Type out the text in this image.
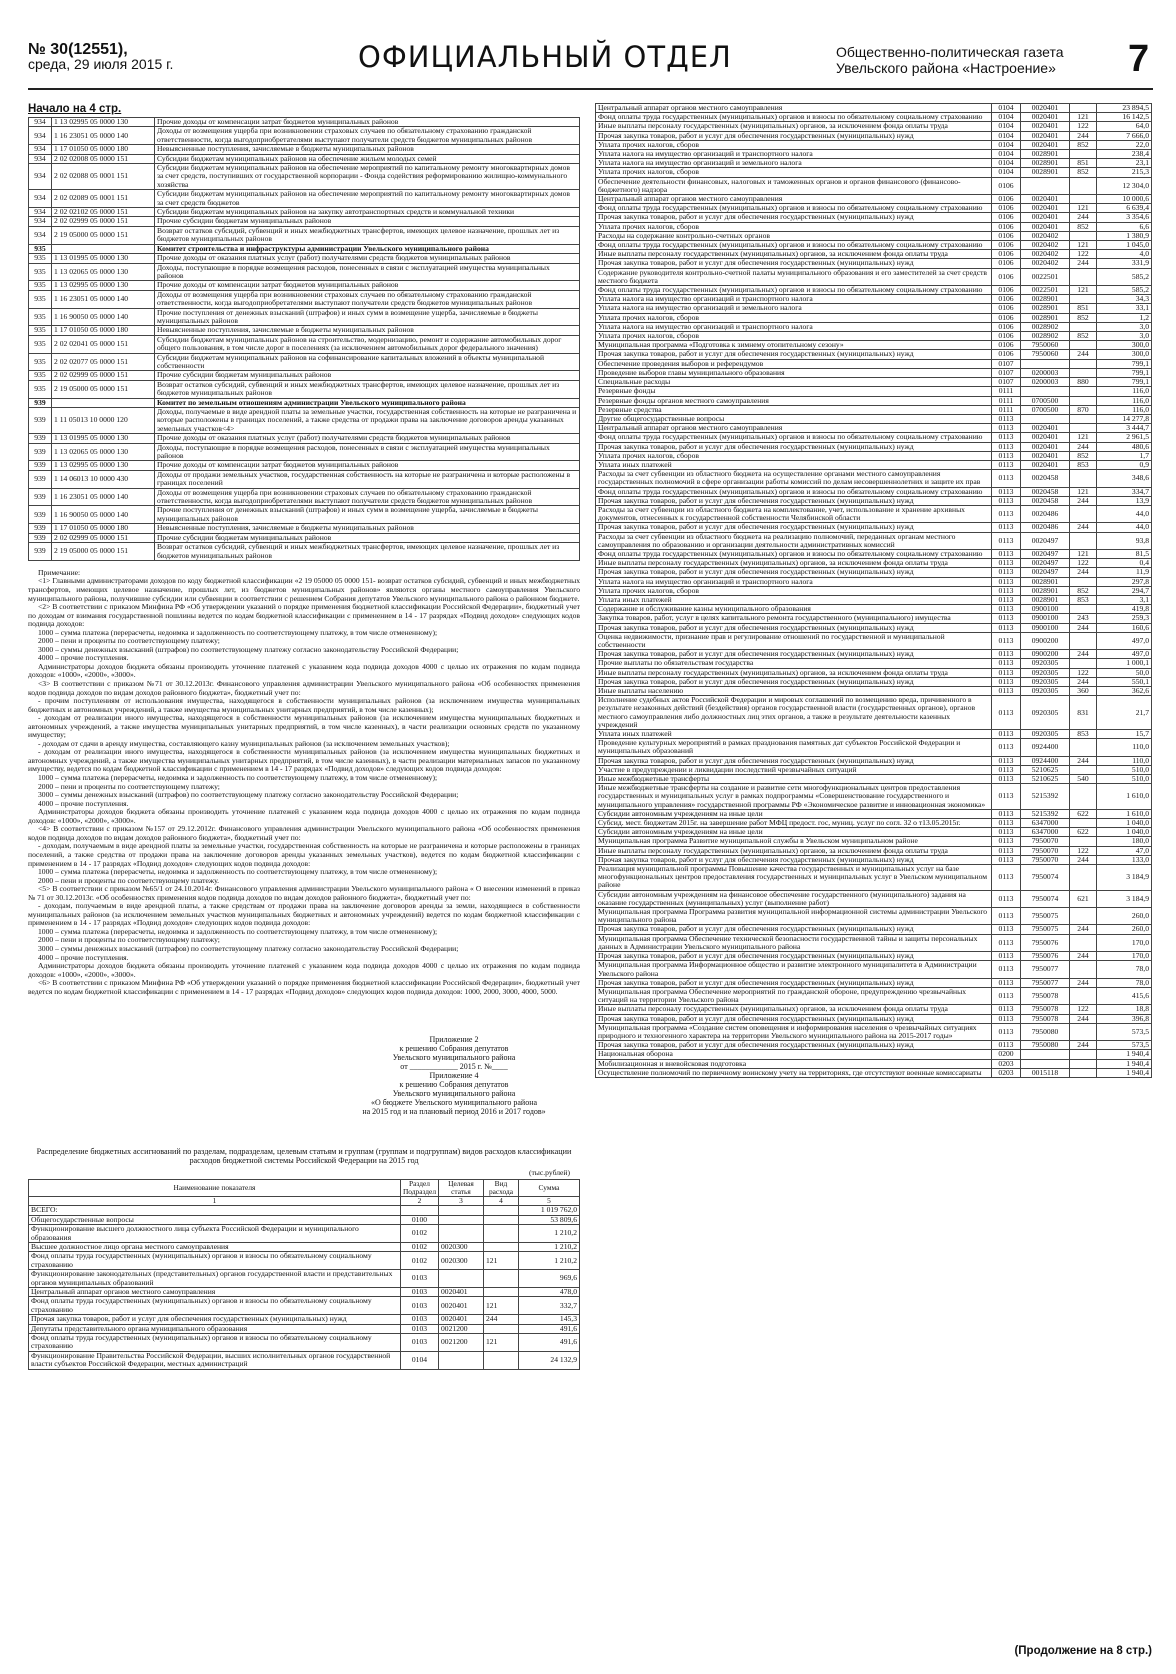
№ 30(12551),
среда, 29 июля 2015 г.	ОФИЦИАЛЬНЫЙ ОТДЕЛ	Общественно-политическая газета
Увельского района «Настроение» 7
Начало на 4 стр.
934	1 13 02995 05 0000 130	Прочие доходы от компенсации затрат бюджетов муниципальных районов
934	1 16 23051 05 0000 140	Доходы от возмещения ущерба при возникновении страховых случаев по обязательному страхованию гражданской ответственности, когда выгодоприобретателями выступают получатели средств бюджетов муниципальных районов
934	1 17 01050 05 0000 180	Невыясненные поступления, зачисляемые в бюджеты муниципальных районов
934	2 02 02008 05 0000 151	Субсидии бюджетам муниципальных районов на обеспечение жильем молодых семей
934	2 02 02088 05 0001 151	Субсидии бюджетам муниципальных районов на обеспечение мероприятий по капитальному ремонту многоквартирных домов за счет средств, поступивших от государственной корпорации - Фонда содействия реформированию жилищно-коммунального хозяйства
934	2 02 02089 05 0001 151	Субсидии бюджетам муниципальных районов на обеспечение мероприятий по капитальному ремонту многоквартирных домов за счет средств бюджетов
934	2 02 02102 05 0000 151	Субсидии бюджетам муниципальных районов на закупку автотранспортных средств и коммунальной техники
934	2 02 02999 05 0000 151	Прочие субсидии бюджетам муниципальных районов
934	2 19 05000 05 0000 151	Возврат остатков субсидий, субвенций и иных межбюджетных трансфертов, имеющих целевое назначение, прошлых лет из бюджетов муниципальных районов
935		Комитет строительства и инфраструктуры администрации Увельского муниципального района
935	1 13 01995 05 0000 130	Прочие доходы от оказания платных услуг (работ) получателями средств бюджетов муниципальных районов
935	1 13 02065 05 0000 130	Доходы, поступающие в порядке возмещения расходов, понесенных в связи с эксплуатацией имущества муниципальных районов
935	1 13 02995 05 0000 130	Прочие доходы от компенсации затрат бюджетов муниципальных районов
935	1 16 23051 05 0000 140	Доходы от возмещения ущерба при возникновении страховых случаев по обязательному страхованию гражданской ответственности, когда выгодоприобретателями выступают получатели средств бюджетов муниципальных районов
935	1 16 90050 05 0000 140	Прочие поступления от денежных взысканий (штрафов) и иных сумм в возмещение ущерба, зачисляемые в бюджеты муниципальных районов
935	1 17 01050 05 0000 180	Невыясненные поступления, зачисляемые в бюджеты муниципальных районов
935	2 02 02041 05 0000 151	Субсидии бюджетам муниципальных районов на строительство, модернизацию, ремонт и содержание автомобильных дорог общего пользования, в том числе дорог в поселениях (за исключением автомобильных дорог федерального значения)
935	2 02 02077 05 0000 151	Субсидии бюджетам муниципальных районов на софинансирование капитальных вложений в объекты муниципальной собственности
935	2 02 02999 05 0000 151	Прочие субсидии бюджетам муниципальных районов
935	2 19 05000 05 0000 151	Возврат остатков субсидий, субвенций и иных межбюджетных трансфертов, имеющих целевое назначение, прошлых лет из бюджетов муниципальных районов
939		Комитет по земельным отношениям администрации Увельского муниципального района
939	1 11 05013 10 0000 120	Доходы, получаемые в виде арендной платы за земельные участки, государственная собственность на которые не разграничена и которые расположены в границах поселений, а также средства от продажи права на заключение договоров аренды указанных земельных участков<4>
939	1 13 01995 05 0000 130	Прочие доходы от оказания платных услуг (работ) получателями средств бюджетов муниципальных районов
939	1 13 02065 05 0000 130	Доходы, поступающие в порядке возмещения расходов, понесенных в связи с эксплуатацией имущества муниципальных районов
939	1 13 02995 05 0000 130	Прочие доходы от компенсации затрат бюджетов муниципальных районов
939	1 14 06013 10 0000 430	Доходы от продажи земельных участков, государственная собственность на которые не разграничена и которые расположены в границах поселений
939	1 16 23051 05 0000 140	Доходы от возмещения ущерба при возникновении страховых случаев по обязательному страхованию гражданской ответственности, когда выгодоприобретателями выступают получатели средств бюджетов муниципальных районов
939	1 16 90050 05 0000 140	Прочие поступления от денежных взысканий (штрафов) и иных сумм в возмещение ущерба, зачисляемые в бюджеты муниципальных районов
939	1 17 01050 05 0000 180	Невыясненные поступления, зачисляемые в бюджеты муниципальных районов
939	2 02 02999 05 0000 151	Прочие субсидии бюджетам муниципальных районов
939	2 19 05000 05 0000 151	Возврат остатков субсидий, субвенций и иных межбюджетных трансфертов, имеющих целевое назначение, прошлых лет из бюджетов муниципальных районов

Примечание:

<1> Главными администраторами доходов по коду бюджетной классификации «2 19 05000 05 0000 151- возврат остатков субсидий, субвенций и иных межбюджетных трансфертов, имеющих целевое назначение, прошлых лет, из бюджетов муниципальных районов» являются органы местного самоуправления Увельского муниципального района, получившие субсидии или субвенции в соответствии с решением Собрания депутатов Увельского муниципального района о районном бюджете.

<2> В соответствии с приказом Минфина РФ «Об утверждении указаний о порядке применения бюджетной классификации Российской Федерации», бюджетный учет по доходам от взимания государственной пошлины ведется по кодам бюджетной классификации с применением в 14 - 17 разрядах «Подвид доходов» следующих кодов подвида доходов:

1000 – сумма платежа (перерасчеты, недоимка и задолженность по соответствующему платежу, в том числе отмененному);

2000 – пени и проценты по соответствующему платежу;

3000 – суммы денежных взысканий (штрафов) по соответствующему платежу согласно законодательству Российской Федерации;

4000 – прочие поступления.

Администраторы доходов бюджета обязаны производить уточнение платежей с указанием кода подвида доходов 4000 с целью их отражения по кодам подвида доходов: «1000», «2000», «3000».

<3> В соответствии с приказом №71 от 30.12.2013г. Финансового управления администрации Увельского муниципального района «Об особенностях применения кодов подвида доходов по видам доходов районного бюджета», бюджетный учет по:

- прочим поступлениям от использования имущества, находящегося в собственности муниципальных районов (за исключением имущества муниципальных бюджетных и автономных учреждений, а также имущества муниципальных унитарных предприятий, в том числе казенных);

- доходам от реализации иного имущества, находящегося в собственности муниципальных районов (за исключением имущества муниципальных бюджетных и автономных учреждений, а также имущества муниципальных унитарных предприятий, в том числе казенных), в части реализации основных средств по указанному имуществу;

- доходам от сдачи в аренду имущества, составляющего казну муниципальных районов (за исключением земельных участков);

- доходам от реализации иного имущества, находящегося в собственности муниципальных районов (за исключением имущества муниципальных бюджетных и автономных учреждений, а также имущества муниципальных унитарных предприятий, в том числе казенных), в части реализации материальных запасов по указанному имуществу, ведется по кодам бюджетной классификации с применением в 14 - 17 разрядах «Подвид доходов» следующих кодов подвида доходов:

1000 – сумма платежа (перерасчеты, недоимка и задолженность по соответствующему платежу, в том числе отмененному);

2000 – пени и проценты по соответствующему платежу;

3000 – суммы денежных взысканий (штрафов) по соответствующему платежу согласно законодательству Российской Федерации;

4000 – прочие поступления.

Администраторы доходов бюджета обязаны производить уточнение платежей с указанием кода подвида доходов 4000 с целью их отражения по кодам подвида доходов: «1000», «2000», «3000».

<4> В соответствии с приказом №157 от 29.12.2012г. Финансового управления администрации Увельского муниципального района «Об особенностях применения кодов подвида доходов по видам доходов районного бюджета», бюджетный учет по:

- доходам, получаемым в виде арендной платы за земельные участки, государственная собственность на которые не разграничена и которые расположены в границах поселений, а также средства от продажи права на заключение договоров аренды указанных земельных участков), ведется по кодам бюджетной классификации с применением в 14 - 17 разрядах «Подвид доходов» следующих кодов подвида доходов:

1000 – сумма платежа (перерасчеты, недоимка и задолженность по соответствующему платежу, в том числе отмененному);

2000 – пени и проценты по соответствующему платежу.

<5> В соответствии с приказом №65/1 от 24.10.2014г. Финансового управления администрации Увельского муниципального района « О внесении изменений в приказ № 71 от 30.12.2013г. «Об особенностях применения кодов подвида доходов по видам доходов районного бюджета», бюджетный учет по:

- доходам, получаемым в виде арендной платы, а также средствам от продажи права на заключение договоров аренды за земли, находящиеся в собственности муниципальных районов (за исключением земельных участков муниципальных бюджетных и автономных учреждений) ведется по кодам бюджетной классификации с применением в 14 - 17 разрядах «Подвид доходов» следующих кодов подвида доходов:

1000 – сумма платежа (перерасчеты, недоимка и задолженность по соответствующему платежу, в том числе отмененному);

2000 – пени и проценты по соответствующему платежу;

3000 – суммы денежных взысканий (штрафов) по соответствующему платежу согласно законодательству Российской Федерации;

4000 – прочие поступления.

Администраторы доходов бюджета обязаны производить уточнение платежей с указанием кода подвида доходов 4000 с целью их отражения по кодам подвида доходов: «1000», «2000», «3000».

<6> В соответствии с приказом Минфина РФ «Об утверждении указаний о порядке применения бюджетной классификации Российской Федерации», бюджетный учет ведется по кодам бюджетной классификации с применением в 14 - 17 разрядах «Подвид доходов» следующих кодов подвида доходов: 1000, 2000, 3000, 4000, 5000.

Приложение 2
к решению Собрания депутатов
Увельского муниципального района
от ____________ 2015 г. №____
Приложение 4
к решению Собрания депутатов
Увельского муниципального района
«О бюджете Увельского муниципального района
на 2015 год и на плановый период 2016 и 2017 годов»
Распределение бюджетных ассигнований по разделам, подразделам, целевым статьям и группам (группам и подгруппам) видов расходов классификации расходов бюджетной системы Российской Федерации на 2015 год
(тыс.рублей)
Наименование показателя	Раздел Подраздел	Целевая статья	Вид расхода	Сумма
1	2	3	4	5
ВСЕГО:				1 019 762,0
Общегосударственные вопросы	0100			53 809,6
Функционирование высшего должностного лица субъекта Российской Федерации и муниципального образования	0102			1 210,2
Высшее должностное лицо органа местного самоуправления	0102	0020300		1 210,2
Фонд оплаты труда государственных (муниципальных) органов и взносы по обязательному социальному страхованию	0102	0020300	121	1 210,2
Функционирование законодательных (представительных) органов государственной власти и представительных органов муниципальных образований	0103			969,6
Центральный аппарат органов местного самоуправления	0103	0020401		478,0
Фонд оплаты труда государственных (муниципальных) органов и взносы по обязательному социальному страхованию	0103	0020401	121	332,7
Прочая закупка товаров, работ и услуг для обеспечения государственных (муниципальных) нужд	0103	0020401	244	145,3
Депутаты представительного органа муниципального образования	0103	0021200		491,6
Фонд оплаты труда государственных (муниципальных) органов и взносы по обязательному социальному страхованию	0103	0021200	121	491,6
Функционирование Правительства Российской Федерации, высших исполнительных органов государственной власти субъектов Российской Федерации, местных администраций	0104			24 132,9
Центральный аппарат органов местного самоуправления	0104	0020401		23 894,5
Фонд оплаты труда государственных (муниципальных) органов и взносы по обязательному социальному страхованию	0104	0020401	121	16 142,5
Иные выплаты персоналу государственных (муниципальных) органов, за исключением фонда оплаты труда	0104	0020401	122	64,0
Прочая закупка товаров, работ и услуг для обеспечения государственных (муниципальных) нужд	0104	0020401	244	7 666,0
Уплата прочих налогов, сборов	0104	0020401	852	22,0
Уплата налога на имущество организаций и транспортного налога	0104	0028901		238,4
Уплата налога на имущество организаций и земельного налога	0104	0028901	851	23,1
Уплата прочих налогов, сборов	0104	0028901	852	215,3
Обеспечение деятельности финансовых, налоговых и таможенных органов и органов финансового (финансово-бюджетного) надзора	0106			12 304,0
Центральный аппарат органов местного самоуправления	0106	0020401		10 000,6
Фонд оплаты труда государственных (муниципальных) органов и взносы по обязательному социальному страхованию	0106	0020401	121	6 639,4
Прочая закупка товаров, работ и услуг для обеспечения государственных (муниципальных) нужд	0106	0020401	244	3 354,6
Уплата прочих налогов, сборов	0106	0020401	852	6,6
Расходы на содержание контрольно-счетных органов	0106	0020402		1 380,9
Фонд оплаты труда государственных (муниципальных) органов и взносы по обязательному социальному страхованию	0106	0020402	121	1 045,0
Иные выплаты персоналу государственных (муниципальных) органов, за исключением фонда оплаты труда	0106	0020402	122	4,0
Прочая закупка товаров, работ и услуг для обеспечения государственных (муниципальных) нужд	0106	0020402	244	331,9
Содержание руководителя контрольно-счетной палаты муниципального образования и его заместителей за счет средств местного бюджета	0106	0022501		585,2
Фонд оплаты труда государственных (муниципальных) органов и взносы по обязательному социальному страхованию	0106	0022501	121	585,2
Уплата налога на имущество организаций и транспортного налога	0106	0028901		34,3
Уплата налога на имущество организаций и земельного налога	0106	0028901	851	33,1
Уплата прочих налогов, сборов	0106	0028901	852	1,2
Уплата налога на имущество организаций и транспортного налога	0106	0028902		3,0
Уплата прочих налогов, сборов	0106	0028902	852	3,0
Муниципальная программа «Подготовка к зимнему отопительному сезону»	0106	7950060		300,0
Прочая закупка товаров, работ и услуг для обеспечения государственных (муниципальных) нужд	0106	7950060	244	300,0
Обеспечение проведения выборов и референдумов	0107			799,1
Проведение выборов главы муниципального образования	0107	0200003		799,1
Специальные расходы	0107	0200003	880	799,1
Резервные фонды	0111			116,0
Резервные фонды органов местного самоуправления	0111	0700500		116,0
Резервные средства	0111	0700500	870	116,0
Другие общегосударственные вопросы	0113			14 277,8
Центральный аппарат органов местного самоуправления	0113	0020401		3 444,7
Фонд оплаты труда государственных (муниципальных) органов и взносы по обязательному социальному страхованию	0113	0020401	121	2 961,5
Прочая закупка товаров, работ и услуг для обеспечения государственных (муниципальных) нужд	0113	0020401	244	480,6
Уплата прочих налогов, сборов	0113	0020401	852	1,7
Уплата иных платежей	0113	0020401	853	0,9
Расходы за счет субвенции из областного бюджета на осуществление органами местного самоуправления государственных полномочий в сфере организации работы комиссий по делам несовершеннолетних и защите их прав	0113	0020458		348,6
Фонд оплаты труда государственных (муниципальных) органов и взносы по обязательному социальному страхованию	0113	0020458	121	334,7
Прочая закупка товаров, работ и услуг для обеспечения государственных (муниципальных) нужд	0113	0020458	244	13,9
Расходы за счет субвенции из областного бюджета на комплектование, учет, использование и хранение архивных документов, отнесенных к государственной собственности Челябинской области	0113	0020486		44,0
Прочая закупка товаров, работ и услуг для обеспечения государственных (муниципальных) нужд	0113	0020486	244	44,0
Расходы за счет субвенции из областного бюджета на реализацию полномочий, переданных органам местного самоуправления по образованию и организации деятельности административных комиссий	0113	0020497		93,8
Фонд оплаты труда государственных (муниципальных) органов и взносы по обязательному социальному страхованию	0113	0020497	121	81,5
Иные выплаты персоналу государственных (муниципальных) органов, за исключением фонда оплаты труда	0113	0020497	122	0,4
Прочая закупка товаров, работ и услуг для обеспечения государственных (муниципальных) нужд	0113	0020497	244	11,9
Уплата налога на имущество организаций и транспортного налога	0113	0028901		297,8
Уплата прочих налогов, сборов	0113	0028901	852	294,7
Уплата иных платежей	0113	0028901	853	3,1
Содержание и обслуживание казны муниципального образования	0113	0900100		419,8
Закупка товаров, работ, услуг в целях капитального ремонта государственного (муниципального) имущества	0113	0900100	243	259,3
Прочая закупка товаров, работ и услуг для обеспечения государственных (муниципальных) нужд	0113	0900100	244	160,6
Оценка недвижимости, признание прав и регулирование отношений по государственной и муниципальной собственности	0113	0900200		497,0
Прочая закупка товаров, работ и услуг для обеспечения государственных (муниципальных) нужд	0113	0900200	244	497,0
Прочие выплаты по обязательствам государства	0113	0920305		1 000,1
Иные выплаты персоналу государственных (муниципальных) органов, за исключением фонда оплаты труда	0113	0920305	122	50,0
Прочая закупка товаров, работ и услуг для обеспечения государственных (муниципальных) нужд	0113	0920305	244	550,1
Иные выплаты населению	0113	0920305	360	362,6
Исполнение судебных актов Российской Федерации и мировых соглашений по возмещению вреда, причиненного в результате незаконных действий (бездействия) органов государственной власти (государственных органов), органов местного самоуправления либо должностных лиц этих органов, а также в результате деятельности казенных учреждений	0113	0920305	831	21,7
Уплата иных платежей	0113	0920305	853	15,7
Проведение культурных мероприятий в рамках празднования памятных дат субъектов Российской Федерации и муниципальных образований	0113	0924400		110,0
Прочая закупка товаров, работ и услуг для обеспечения государственных (муниципальных) нужд	0113	0924400	244	110,0
Участие в предупреждении и ликвидации последствий чрезвычайных ситуаций	0113	5210625		510,0
Иные межбюджетные трансферты	0113	5210625	540	510,0
Иные межбюджетные трансферты на создание и развитие сети многофункциональных центров предоставления государственных и муниципальных услуг в рамках подпрограммы «Совершенствование государственного и муниципального управления» государственной программы РФ «Экономическое развитие и инновационная экономика»	0113	5215392		1 610,0
Субсидии автономным учреждениям на иные цели	0113	5215392	622	1 610,0
Субсид. мест. бюджетам 2015г. на завершение работ МФЦ предост. гос, муниц. услуг по согл. 32 о т13.05.2015г.	0113	6347000		1 040,0
Субсидии автономным учреждениям на иные цели	0113	6347000	622	1 040,0
Муниципальная программа Развитие муниципальной службы в Увельском муниципальном районе	0113	7950070		180,0
Иные выплаты персоналу государственных (муниципальных) органов, за исключением фонда оплаты труда	0113	7950070	122	47,0
Прочая закупка товаров, работ и услуг для обеспечения государственных (муниципальных) нужд	0113	7950070	244	133,0
Реализация муниципальной программы Повышение качества государственных и муниципальных услуг на базе многофункциональных центров предоставления государственных и муниципальных услуг в Увельском муниципальном районе	0113	7950074		3 184,9
Субсидии автономным учреждениям на финансовое обеспечение государственного (муниципального) задания на оказание государственных (муниципальных) услуг (выполнение работ)	0113	7950074	621	3 184,9
Муниципальная программа Программа развития муниципальной информационной системы администрации Увельского муниципального района	0113	7950075		260,0
Прочая закупка товаров, работ и услуг для обеспечения государственных (муниципальных) нужд	0113	7950075	244	260,0
Муниципальная программа Обеспечение технической безопасности государственной тайны и защиты персональных данных в Администрации Увельского муниципального района	0113	7950076		170,0
Прочая закупка товаров, работ и услуг для обеспечения государственных (муниципальных) нужд	0113	7950076	244	170,0
Муниципальная программа Информационное общество и развитие электронного муниципалитета в Администрации Увельского района	0113	7950077		78,0
Прочая закупка товаров, работ и услуг для обеспечения государственных (муниципальных) нужд	0113	7950077	244	78,0
Муниципальная программа Обеспечение мероприятий по гражданской обороне, предупреждению чрезвычайных ситуаций на территории Увельского района	0113	7950078		415,6
Иные выплаты персоналу государственных (муниципальных) органов, за исключением фонда оплаты труда	0113	7950078	122	18,8
Прочая закупка товаров, работ и услуг для обеспечения государственных (муниципальных) нужд	0113	7950078	244	396,8
Муниципальная программа «Создание систем оповещения и информирования населения о чрезвычайных ситуациях природного и техногенного характера на территории Увельского муниципального района на 2015-2017 годы»	0113	7950080		573,5
Прочая закупка товаров, работ и услуг для обеспечения государственных (муниципальных) нужд	0113	7950080	244	573,5
Национальная оборона	0200			1 940,4
Мобилизационная и вневойсковая подготовка	0203			1 940,4
Осуществление полномочий по первичному воинскому учету на территориях, где отсутствуют военные комиссариаты	0203	0015118		1 940,4
(Продолжение на 8 стр.)
